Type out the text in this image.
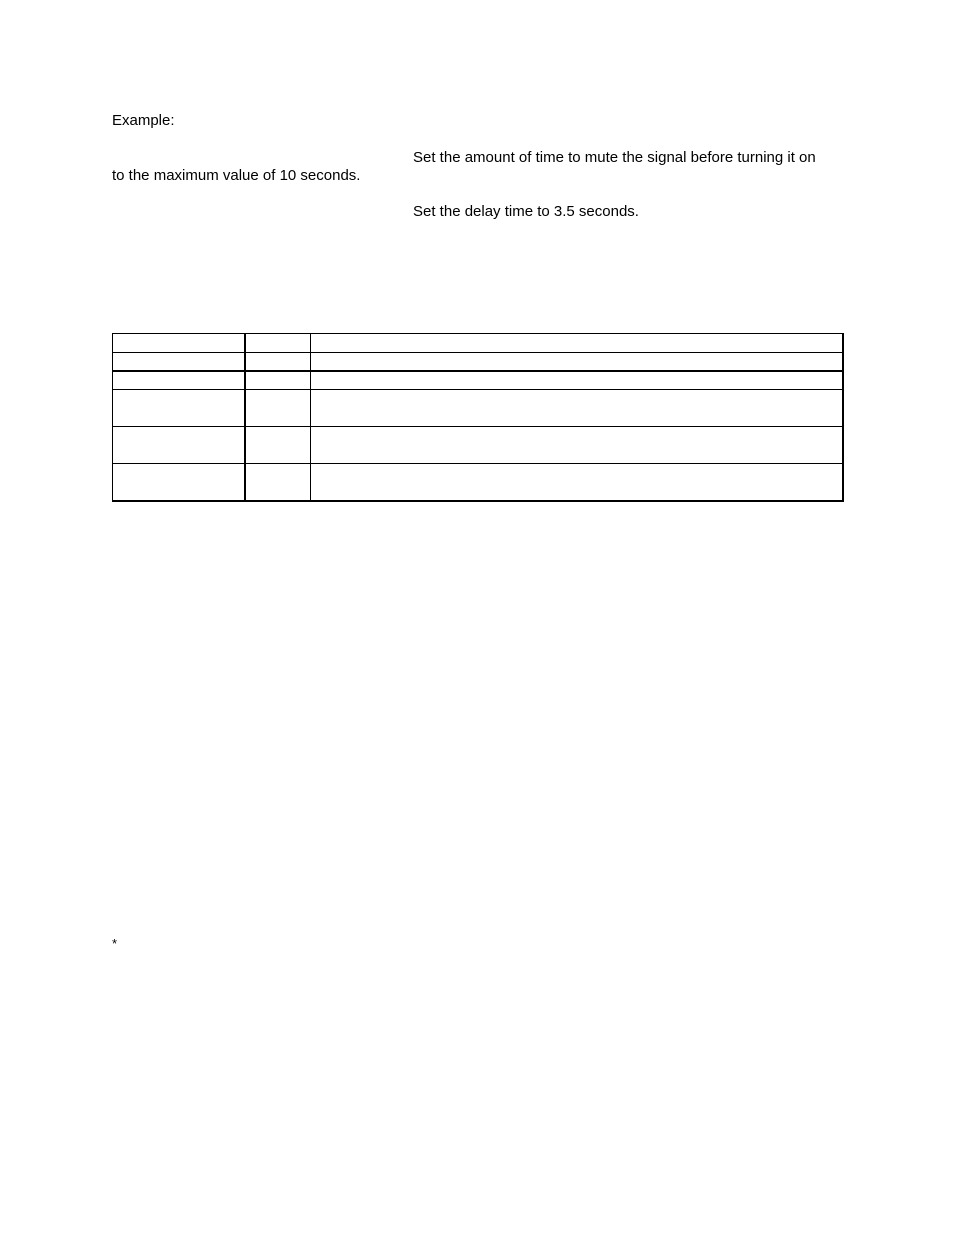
Example:

Set the amount of time to mute the signal before turning it on

to the maximum value of 10 seconds.

Set the delay time to 3.5 seconds.

*
